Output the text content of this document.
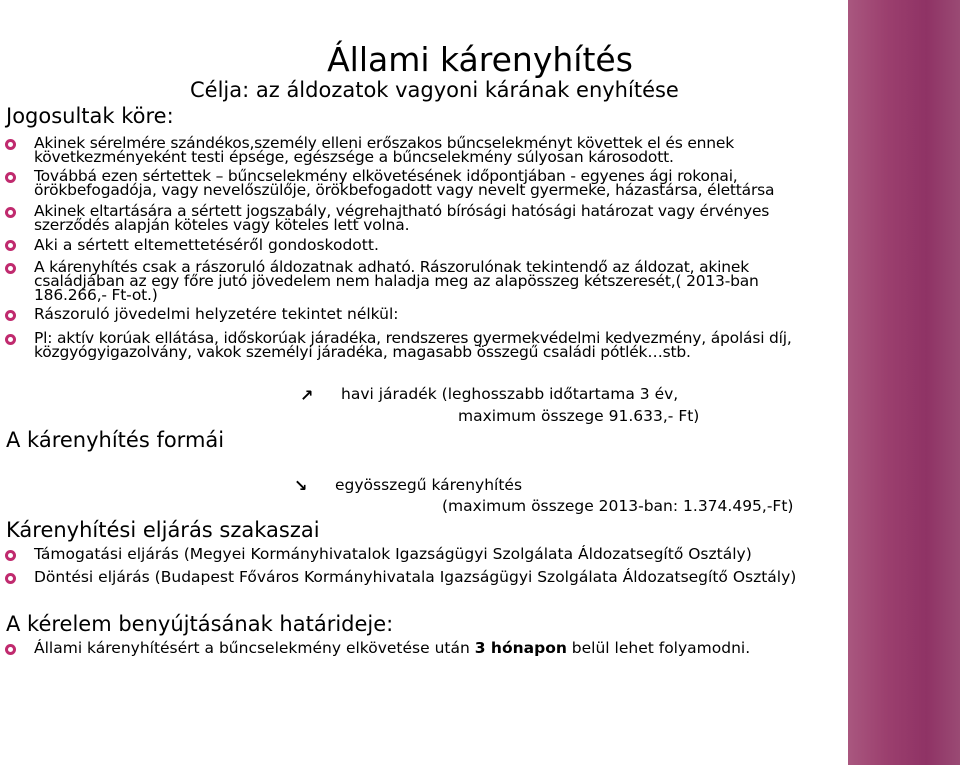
Állami kárenyhítés
Célja: az áldozatok vagyoni kárának enyhítése
Jogosultak köre:
Akinek sérelmére szándékos,személy elleni erőszakos bűncselekményt követtek el és ennek
következményeként testi épsége, egészsége a bűncselekmény súlyosan károsodott.
Továbbá ezen sértettek – bűncselekmény elkövetésének időpontjában - egyenes ági rokonai,
örökbefogadója, vagy nevelőszülője, örökbefogadott vagy nevelt gyermeke, házastársa, élettársa
Akinek eltartására a sértett jogszabály, végrehajtható bírósági hatósági határozat vagy érvényes
szerződés alapján köteles vagy köteles lett volna.
Aki a sértett eltemettetéséről gondoskodott.
A kárenyhítés csak a rászoruló áldozatnak adható. Rászorulónak tekintendő az áldozat, akinek
családjában az egy főre jutó jövedelem nem haladja meg az alapösszeg kétszeresét,( 2013-ban
186.266,- Ft-ot.)
Rászoruló jövedelmi helyzetére tekintet nélkül:
Pl: aktív korúak ellátása, időskorúak járadéka, rendszeres gyermekvédelmi kedvezmény, ápolási díj,
közgyógyigazolvány, vakok személyi járadéka, magasabb összegű családi pótlék…stb.
A kárenyhítés formái
↗ havi járadék (leghosszabb időtartama 3 év,
maximum összege 91.633,- Ft)
↘ egyösszegű kárenyhítés
(maximum összege 2013-ban: 1.374.495,-Ft)
Kárenyhítési eljárás szakaszai
Támogatási eljárás (Megyei Kormányhivatalok Igazságügyi Szolgálata Áldozatsegítő Osztály)
Döntési eljárás (Budapest Főváros Kormányhivatala Igazságügyi Szolgálata Áldozatsegítő Osztály)
A kérelem benyújtásának határideje:
Állami kárenyhítésért a bűncselekmény elkövetése után 3 hónapon belül lehet folyamodni.
